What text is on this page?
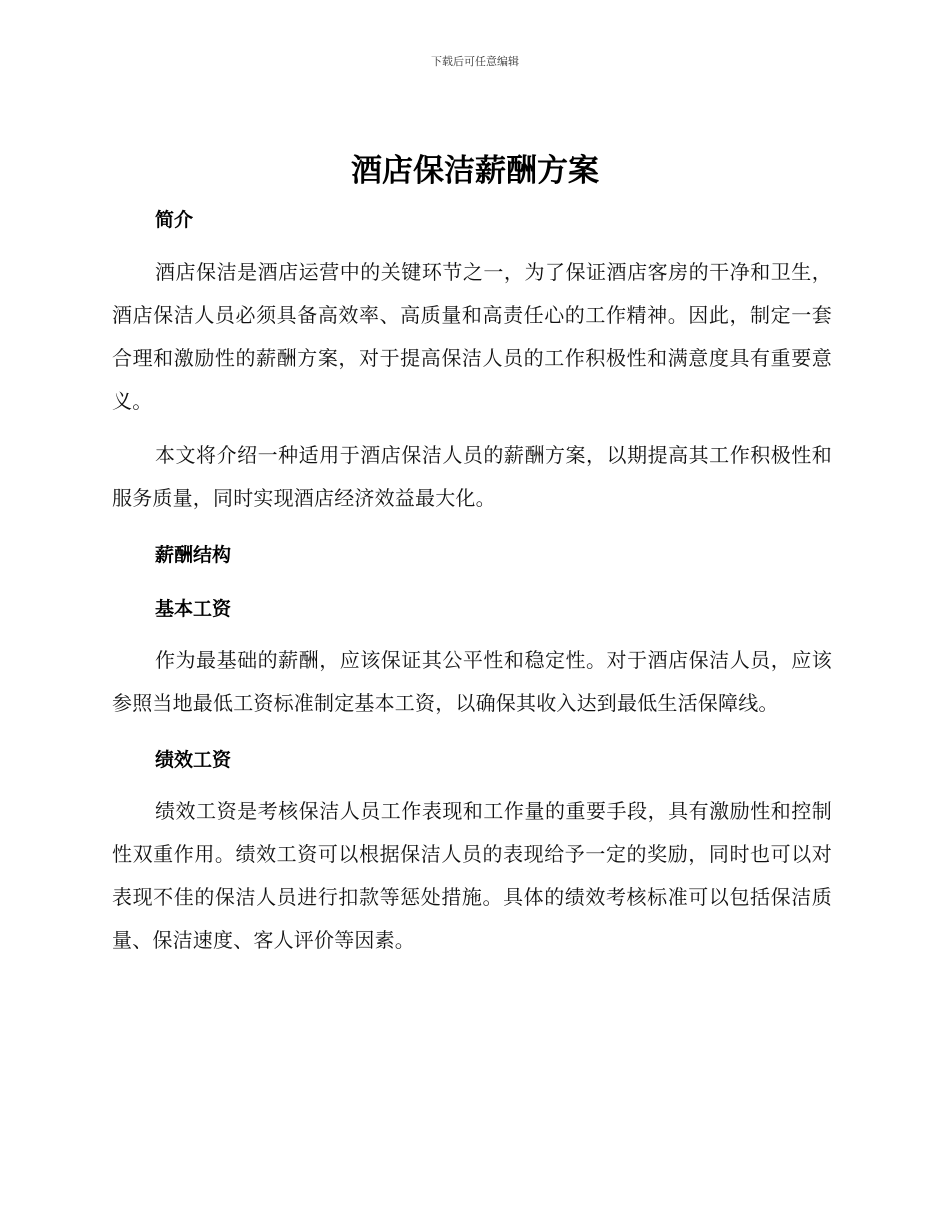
下载后可任意编辑

酒店保洁薪酬方案
简介

酒店保洁是酒店运营中的关键环节之一，为了保证酒店客房的干净和卫生，酒店保洁人员必须具备高效率、高质量和高责任心的工作精神。因此，制定一套合理和激励性的薪酬方案，对于提高保洁人员的工作积极性和满意度具有重要意义。

本文将介绍一种适用于酒店保洁人员的薪酬方案，以期提高其工作积极性和服务质量，同时实现酒店经济效益最大化。

薪酬结构
基本工资

作为最基础的薪酬，应该保证其公平性和稳定性。对于酒店保洁人员，应该参照当地最低工资标准制定基本工资，以确保其收入达到最低生活保障线。

绩效工资

绩效工资是考核保洁人员工作表现和工作量的重要手段，具有激励性和控制性双重作用。绩效工资可以根据保洁人员的表现给予一定的奖励，同时也可以对表现不佳的保洁人员进行扣款等惩处措施。具体的绩效考核标准可以包括保洁质量、保洁速度、客人评价等因素。
